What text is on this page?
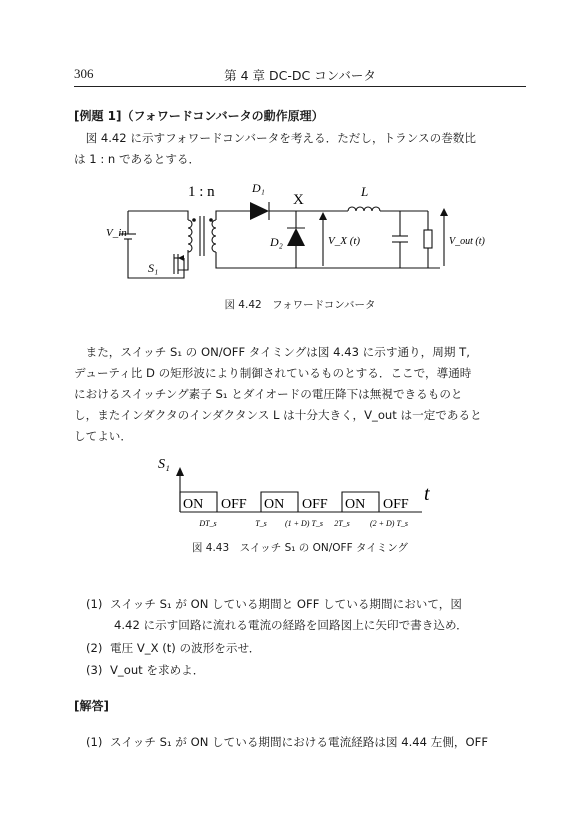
306	第 4 章 DC-DC コンバータ
[例題 1]（フォワードコンバータの動作原理）

図 4.42 に示すフォワードコンバータを考える．ただし，トランスの巻数比

は 1 : n であるとする．

1 : n	D₁
X
L
V_in
D₂	V_X (t)	V_out (t)
S₁
図 4.42　フォワードコンバータ

また，スイッチ S₁ の ON/OFF タイミングは図 4.43 に示す通り，周期 T,

デューティ比 D の矩形波により制御されているものとする．ここで，導通時

におけるスイッチング素子 S₁ とダイオードの電圧降下は無視できるものと

し，またインダクタのインダクタンス L は十分大きく，V_out は一定であると

してよい．

S₁
t
ON OFF ON OFF ON OFF
DT_s	T_s (1 + D) T_s 2T_s	(2 + D) T_s
図 4.43　スイッチ S₁ の ON/OFF タイミング
(1) スイッチ S₁ が ON している期間と OFF している期間において，図
4.42 に示す回路に流れる電流の経路を回路図上に矢印で書き込め．
(2) 電圧 V_X (t) の波形を示せ．
(3) V_out を求めよ．
[解答]
(1) スイッチ S₁ が ON している期間における電流経路は図 4.44 左側，OFF
